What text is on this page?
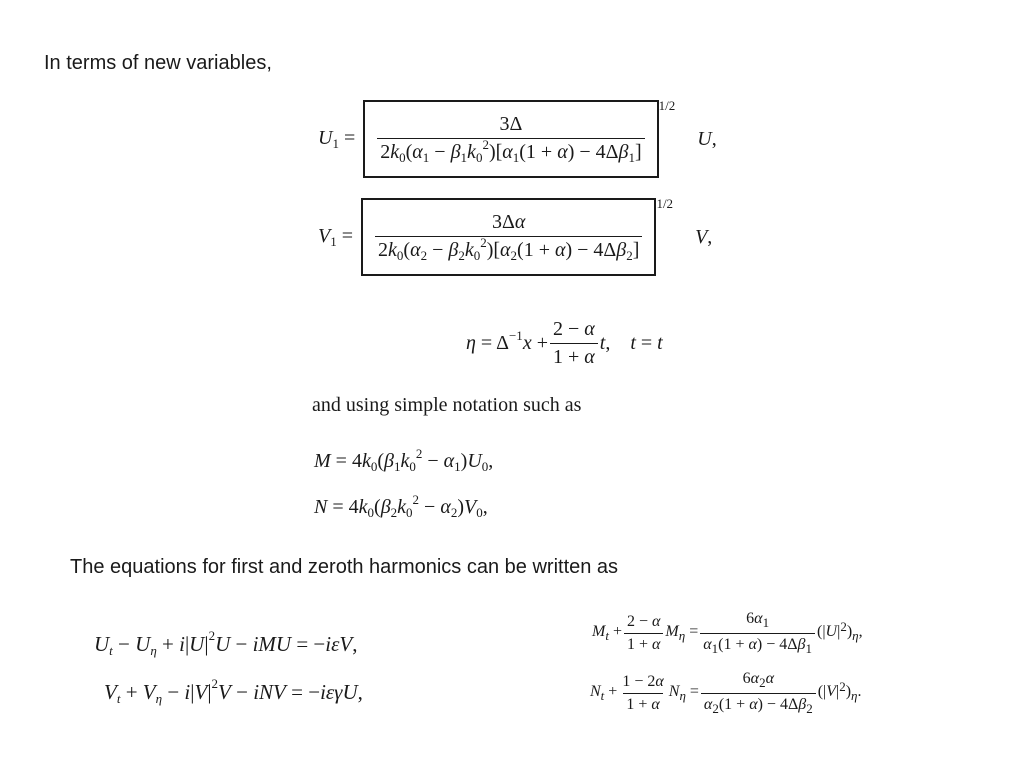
In terms of new variables,
$U_1 = \frac{3\Delta}{2k_0(\alpha_1 - \beta_1k_0^2)[\alpha_1(1 + \alpha) - 4\Delta\beta_1]}$
1/2
U,
$V_1 = \frac{3\Delta\alpha}{2k_0(\alpha_2 - \beta_2k_0^2)[\alpha_2(1 + \alpha) - 4\Delta\beta_2]}$
1/2
V,
$\eta = \Delta^{-1}x + \frac{2 - \alpha}{1 + \alpha} t$,    t = t
and using simple notation such as
$M = 4k_0(\beta_1k_0^2 - \alpha_1)U_0$,
$N = 4k_0(\beta_2k_0^2 - \alpha_2)V_0$,
The equations for first and zeroth harmonics can be written as
$U_t - U_\eta + i|U|^2U$ − iMU = −iεV,
$V_t + V_\eta - i|V|^2V$ − iNV = −iεγU,
$M_t + \frac{2 - \alpha}{1 + \alpha} M_\eta = \frac{6\alpha_1}{\alpha_1(1 + \alpha) - 4\Delta\beta_1} (|U|^2)_\eta$,
$N_t + \frac{1 - 2\alpha}{1 + \alpha} N_\eta = \frac{6\alpha_2\alpha}{\alpha_2(1 + \alpha) - 4\Delta\beta_2} (|V|^2)_\eta$.
